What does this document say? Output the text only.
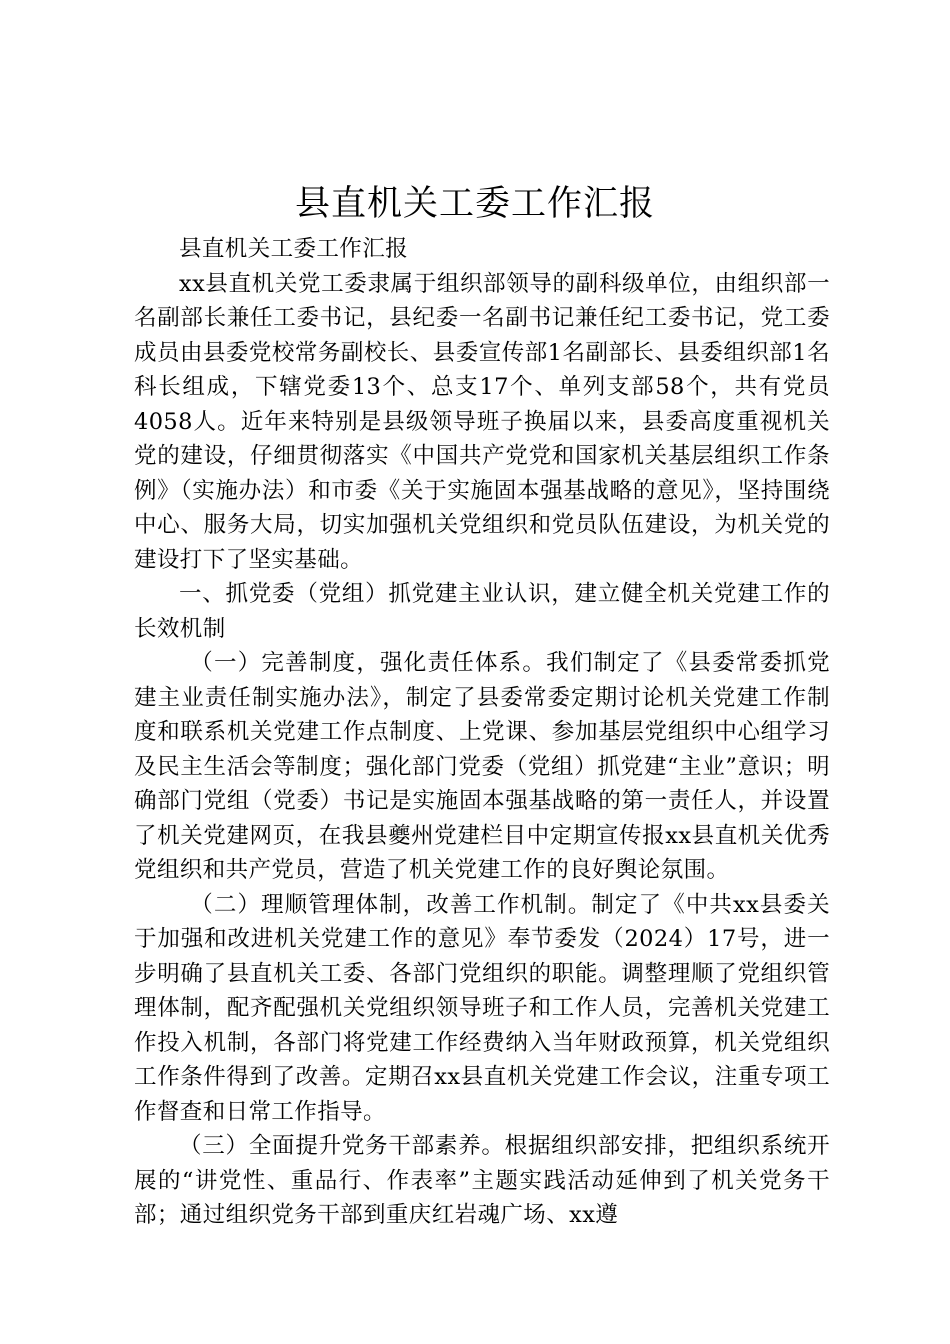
县直机关工委工作汇报

县直机关工委工作汇报

xx县直机关党工委隶属于组织部领导的副科级单位，由组织部一名副部长兼任工委书记，县纪委一名副书记兼任纪工委书记，党工委成员由县委党校常务副校长、县委宣传部1名副部长、县委组织部1名科长组成，下辖党委13个、总支17个、单列支部58个，共有党员4058人。近年来特别是县级领导班子换届以来，县委高度重视机关党的建设，仔细贯彻落实《中国共产党党和国家机关基层组织工作条例》（实施办法）和市委《关于实施固本强基战略的意见》，坚持围绕中心、服务大局，切实加强机关党组织和党员队伍建设，为机关党的建设打下了坚实基础。

一、抓党委（党组）抓党建主业认识，建立健全机关党建工作的长效机制

（一）完善制度，强化责任体系。我们制定了《县委常委抓党建主业责任制实施办法》，制定了县委常委定期讨论机关党建工作制度和联系机关党建工作点制度、上党课、参加基层党组织中心组学习及民主生活会等制度；强化部门党委（党组）抓党建“主业”意识；明确部门党组（党委）书记是实施固本强基战略的第一责任人，并设置了机关党建网页，在我县夔州党建栏目中定期宣传报xx县直机关优秀党组织和共产党员，营造了机关党建工作的良好舆论氛围。

（二）理顺管理体制，改善工作机制。制定了《中共xx县委关于加强和改进机关党建工作的意见》奉节委发（2024）17号，进一步明确了县直机关工委、各部门党组织的职能。调整理顺了党组织管理体制，配齐配强机关党组织领导班子和工作人员，完善机关党建工作投入机制，各部门将党建工作经费纳入当年财政预算，机关党组织工作条件得到了改善。定期召xx县直机关党建工作会议，注重专项工作督查和日常工作指导。

（三）全面提升党务干部素养。根据组织部安排，把组织系统开展的“讲党性、重品行、作表率”主题实践活动延伸到了机关党务干部；通过组织党务干部到重庆红岩魂广场、xx遵
